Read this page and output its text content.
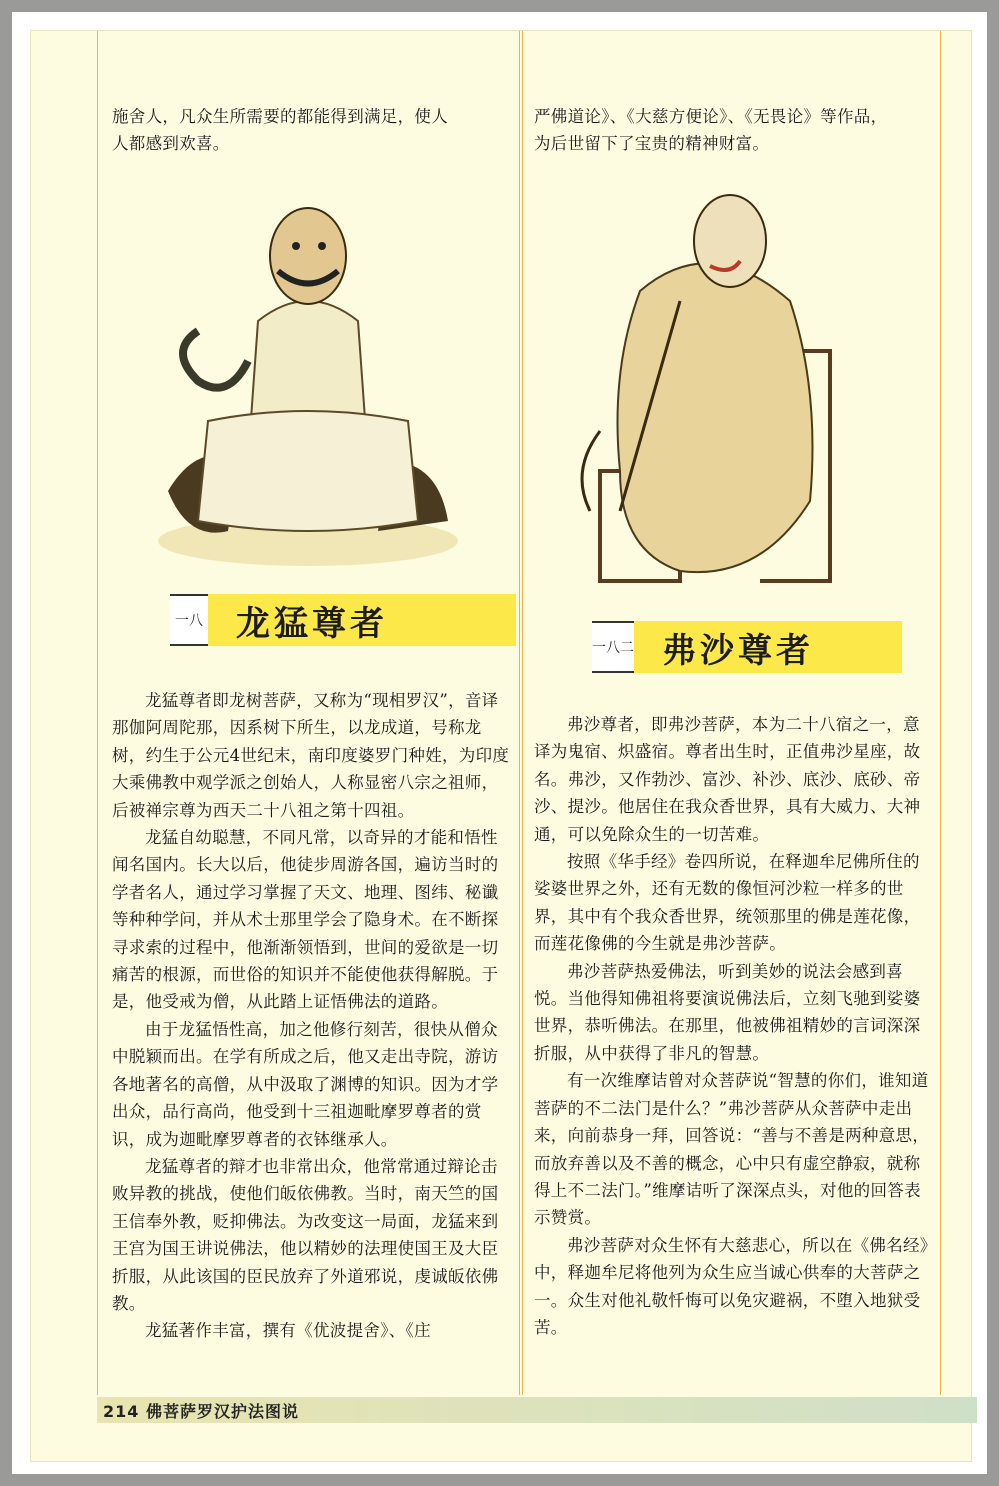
施舍人，凡众生所需要的都能得到满足，使人

人都感到欢喜。

一八 龙猛尊者

龙猛尊者即龙树菩萨，又称为“现相罗汉”，音译那伽阿周陀那，因系树下所生，以龙成道，号称龙树，约生于公元4世纪末，南印度婆罗门种姓，为印度大乘佛教中观学派之创始人，人称显密八宗之祖师，后被禅宗尊为西天二十八祖之第十四祖。

龙猛自幼聪慧，不同凡常，以奇异的才能和悟性闻名国内。长大以后，他徒步周游各国，遍访当时的学者名人，通过学习掌握了天文、地理、图纬、秘谶等种种学问，并从术士那里学会了隐身术。在不断探寻求索的过程中，他渐渐领悟到，世间的爱欲是一切痛苦的根源，而世俗的知识并不能使他获得解脱。于是，他受戒为僧，从此踏上证悟佛法的道路。

由于龙猛悟性高，加之他修行刻苦，很快从僧众中脱颖而出。在学有所成之后，他又走出寺院，游访各地著名的高僧，从中汲取了渊博的知识。因为才学出众，品行高尚，他受到十三祖迦毗摩罗尊者的赏识，成为迦毗摩罗尊者的衣钵继承人。

龙猛尊者的辩才也非常出众，他常常通过辩论击败异教的挑战，使他们皈依佛教。当时，南天竺的国王信奉外教，贬抑佛法。为改变这一局面，龙猛来到王宫为国王讲说佛法，他以精妙的法理使国王及大臣折服，从此该国的臣民放弃了外道邪说，虔诚皈依佛教。

龙猛著作丰富，撰有《优波提舍》、《庄

严佛道论》、《大慈方便论》、《无畏论》等作品，

为后世留下了宝贵的精神财富。

一八二 弗沙尊者

弗沙尊者，即弗沙菩萨，本为二十八宿之一，意译为鬼宿、炽盛宿。尊者出生时，正值弗沙星座，故名。弗沙，又作勃沙、富沙、补沙、底沙、底砂、帝沙、提沙。他居住在我众香世界，具有大威力、大神通，可以免除众生的一切苦难。

按照《华手经》卷四所说，在释迦牟尼佛所住的娑婆世界之外，还有无数的像恒河沙粒一样多的世界，其中有个我众香世界，统领那里的佛是莲花像，而莲花像佛的今生就是弗沙菩萨。

弗沙菩萨热爱佛法，听到美妙的说法会感到喜悦。当他得知佛祖将要演说佛法后，立刻飞驰到娑婆世界，恭听佛法。在那里，他被佛祖精妙的言词深深折服，从中获得了非凡的智慧。

有一次维摩诘曾对众菩萨说“智慧的你们，谁知道菩萨的不二法门是什么？”弗沙菩萨从众菩萨中走出来，向前恭身一拜，回答说：“善与不善是两种意思，而放弃善以及不善的概念，心中只有虚空静寂，就称得上不二法门。”维摩诘听了深深点头，对他的回答表示赞赏。

弗沙菩萨对众生怀有大慈悲心，所以在《佛名经》中，释迦牟尼将他列为众生应当诚心供奉的大菩萨之一。众生对他礼敬忏悔可以免灾避祸，不堕入地狱受苦。

214 佛菩萨罗汉护法图说
